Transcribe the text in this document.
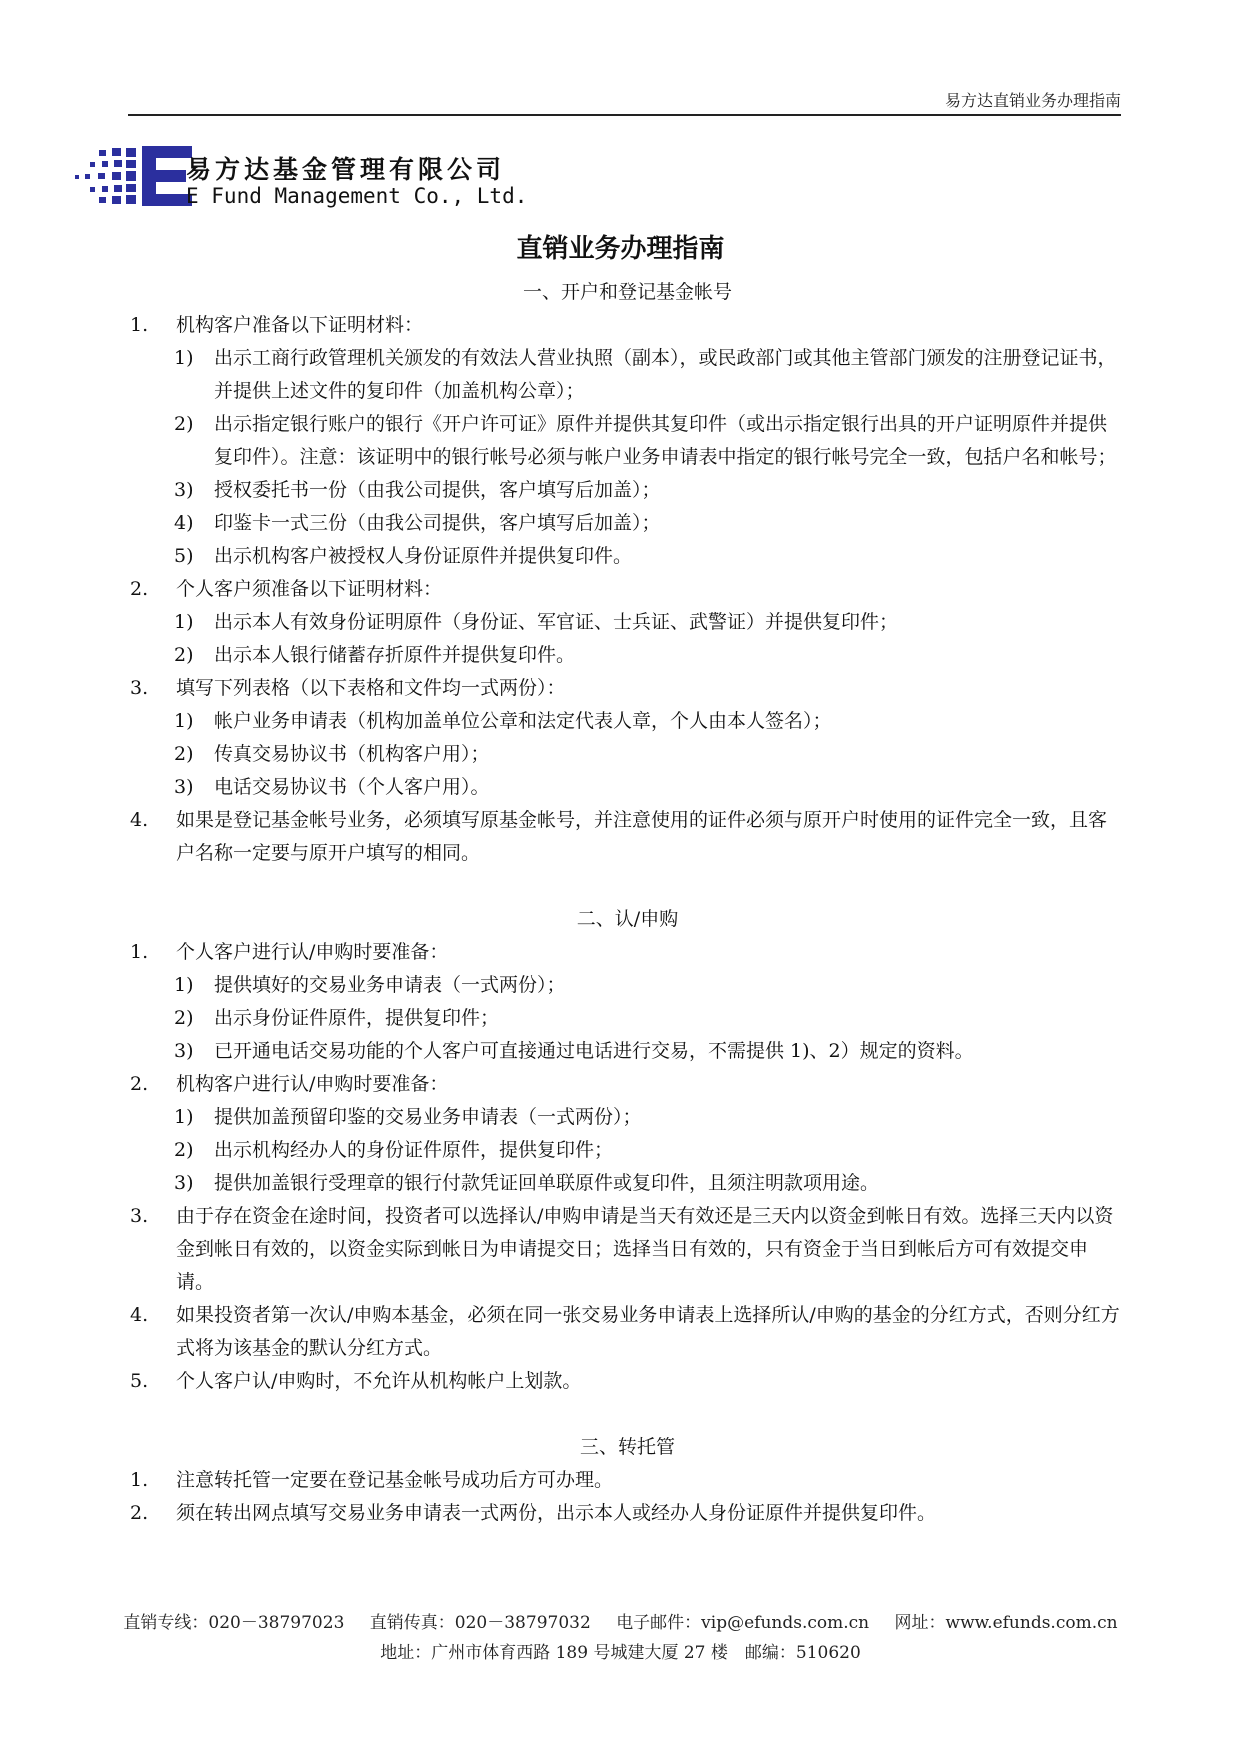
易方达直销业务办理指南
易方达基金管理有限公司
E Fund Management Co., Ltd.
直销业务办理指南
一、开户和登记基金帐号
1.	机构客户准备以下证明材料：
1)	出示工商行政管理机关颁发的有效法人营业执照（副本），或民政部门或其他主管部门颁发的注册登记证书，并提供上述文件的复印件（加盖机构公章）；
2)	出示指定银行账户的银行《开户许可证》原件并提供其复印件（或出示指定银行出具的开户证明原件并提供复印件）。注意：该证明中的银行帐号必须与帐户业务申请表中指定的银行帐号完全一致，包括户名和帐号；
3)	授权委托书一份（由我公司提供，客户填写后加盖）；
4)	印鉴卡一式三份（由我公司提供，客户填写后加盖）；
5)	出示机构客户被授权人身份证原件并提供复印件。
2.	个人客户须准备以下证明材料：
1)	出示本人有效身份证明原件（身份证、军官证、士兵证、武警证）并提供复印件；
2)	出示本人银行储蓄存折原件并提供复印件。
3.	填写下列表格（以下表格和文件均一式两份）：
1)	帐户业务申请表（机构加盖单位公章和法定代表人章，个人由本人签名）；
2)	传真交易协议书（机构客户用）；
3)	电话交易协议书（个人客户用）。
4.	如果是登记基金帐号业务，必须填写原基金帐号，并注意使用的证件必须与原开户时使用的证件完全一致，且客户名称一定要与原开户填写的相同。
二、认/申购
1.	个人客户进行认/申购时要准备：
1)	提供填好的交易业务申请表（一式两份）；
2)	出示身份证件原件，提供复印件；
3)	已开通电话交易功能的个人客户可直接通过电话进行交易，不需提供 1)、2）规定的资料。
2.	机构客户进行认/申购时要准备：
1)	提供加盖预留印鉴的交易业务申请表（一式两份）；
2)	出示机构经办人的身份证件原件，提供复印件；
3)	提供加盖银行受理章的银行付款凭证回单联原件或复印件，且须注明款项用途。
3.	由于存在资金在途时间，投资者可以选择认/申购申请是当天有效还是三天内以资金到帐日有效。选择三天内以资金到帐日有效的，以资金实际到帐日为申请提交日；选择当日有效的，只有资金于当日到帐后方可有效提交申请。
4.	如果投资者第一次认/申购本基金，必须在同一张交易业务申请表上选择所认/申购的基金的分红方式，否则分红方式将为该基金的默认分红方式。
5.	个人客户认/申购时，不允许从机构帐户上划款。
三、转托管
1.	注意转托管一定要在登记基金帐号成功后方可办理。
2.	须在转出网点填写交易业务申请表一式两份，出示本人或经办人身份证原件并提供复印件。
直销专线：020－38797023 直销传真：020－38797032 电子邮件：vip@efunds.com.cn 网址：www.efunds.com.cn
地址：广州市体育西路 189 号城建大厦 27 楼　邮编：510620
